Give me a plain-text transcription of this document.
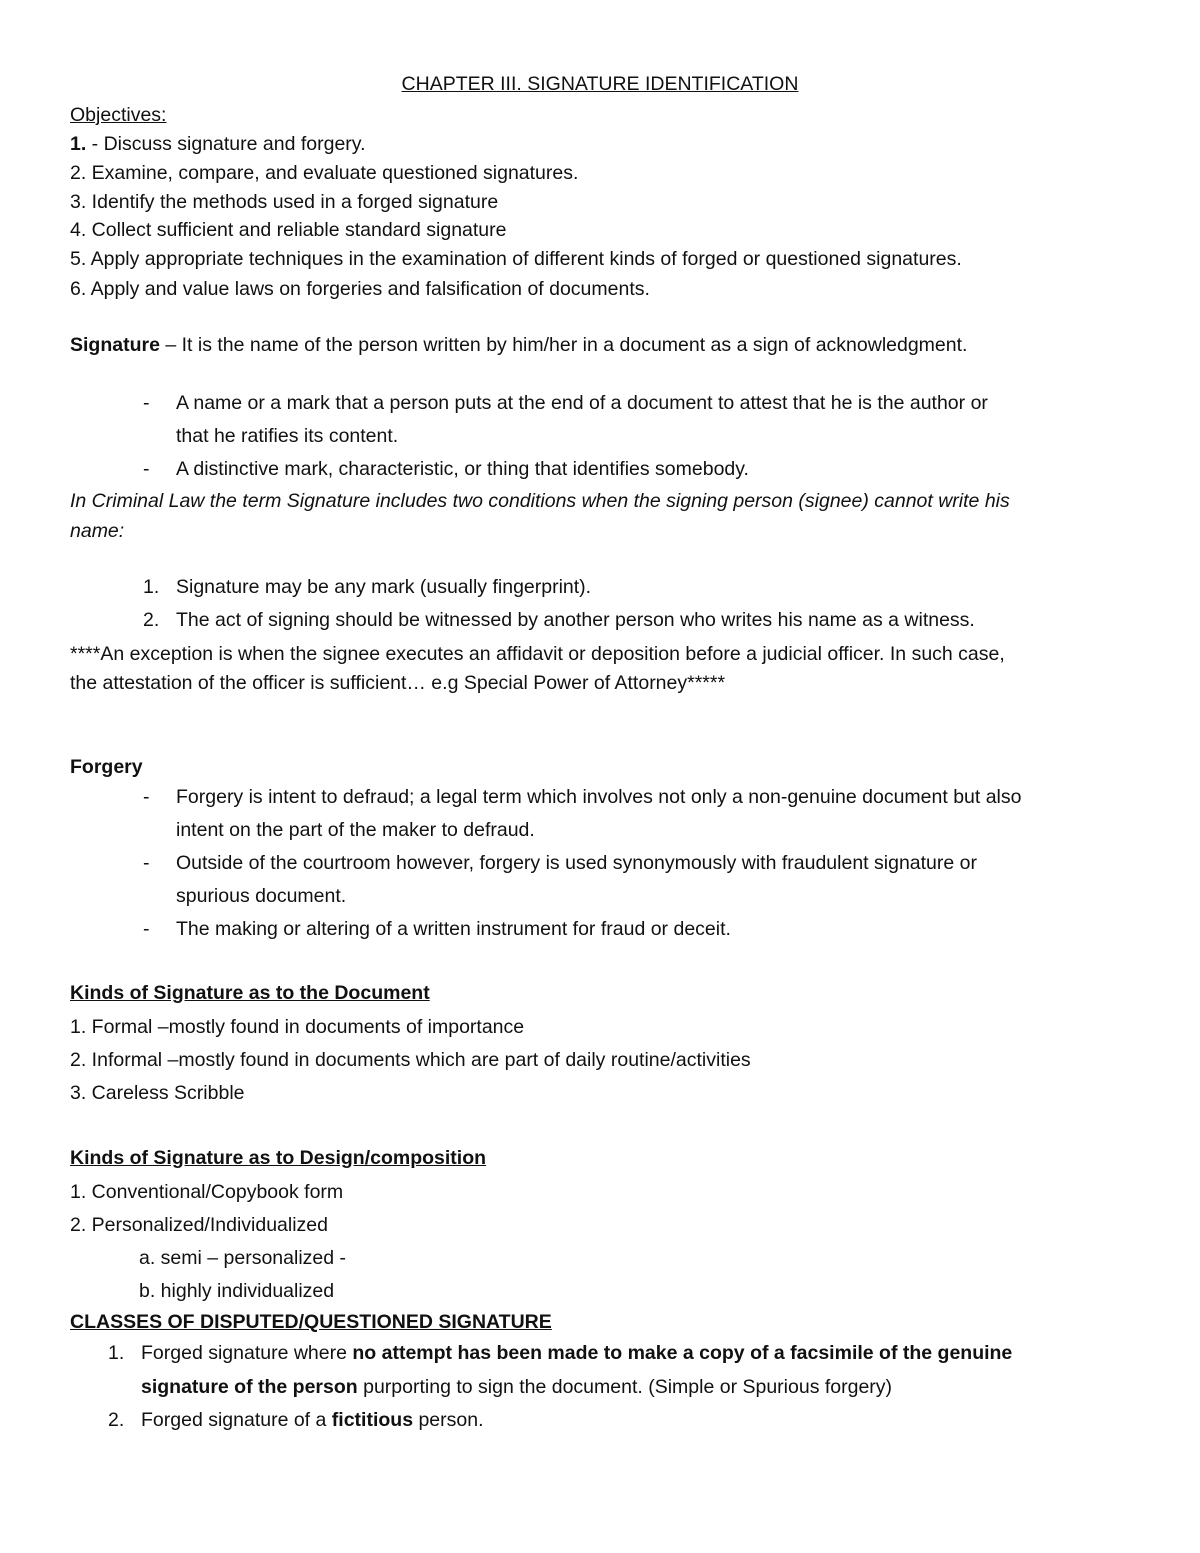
CHAPTER III. SIGNATURE IDENTIFICATION
Objectives:
1. - Discuss signature and forgery.
2. Examine, compare, and evaluate questioned signatures.
3. Identify the methods used in a forged signature
4. Collect sufficient and reliable standard signature
5. Apply appropriate techniques in the examination of different kinds of forged or questioned signatures.
6. Apply and value laws on forgeries and falsification of documents.
Signature – It is the name of the person written by him/her in a document as a sign of acknowledgment.
- A name or a mark that a person puts at the end of a document to attest that he is the author or
that he ratifies its content.
- A distinctive mark, characteristic, or thing that identifies somebody.
In Criminal Law the term Signature includes two conditions when the signing person (signee) cannot write his
name:
1. Signature may be any mark (usually fingerprint).
2. The act of signing should be witnessed by another person who writes his name as a witness.
****An exception is when the signee executes an affidavit or deposition before a judicial officer. In such case,
the attestation of the officer is sufficient… e.g Special Power of Attorney*****
Forgery
- Forgery is intent to defraud; a legal term which involves not only a non-genuine document but also
intent on the part of the maker to defraud.
- Outside of the courtroom however, forgery is used synonymously with fraudulent signature or
spurious document.
- The making or altering of a written instrument for fraud or deceit.
Kinds of Signature as to the Document
1. Formal –mostly found in documents of importance
2. Informal –mostly found in documents which are part of daily routine/activities
3. Careless Scribble
Kinds of Signature as to Design/composition
1. Conventional/Copybook form
2. Personalized/Individualized
a. semi – personalized -
b. highly individualized
CLASSES OF DISPUTED/QUESTIONED SIGNATURE
1. Forged signature where no attempt has been made to make a copy of a facsimile of the genuine
signature of the person purporting to sign the document. (Simple or Spurious forgery)
2. Forged signature of a fictitious person.
